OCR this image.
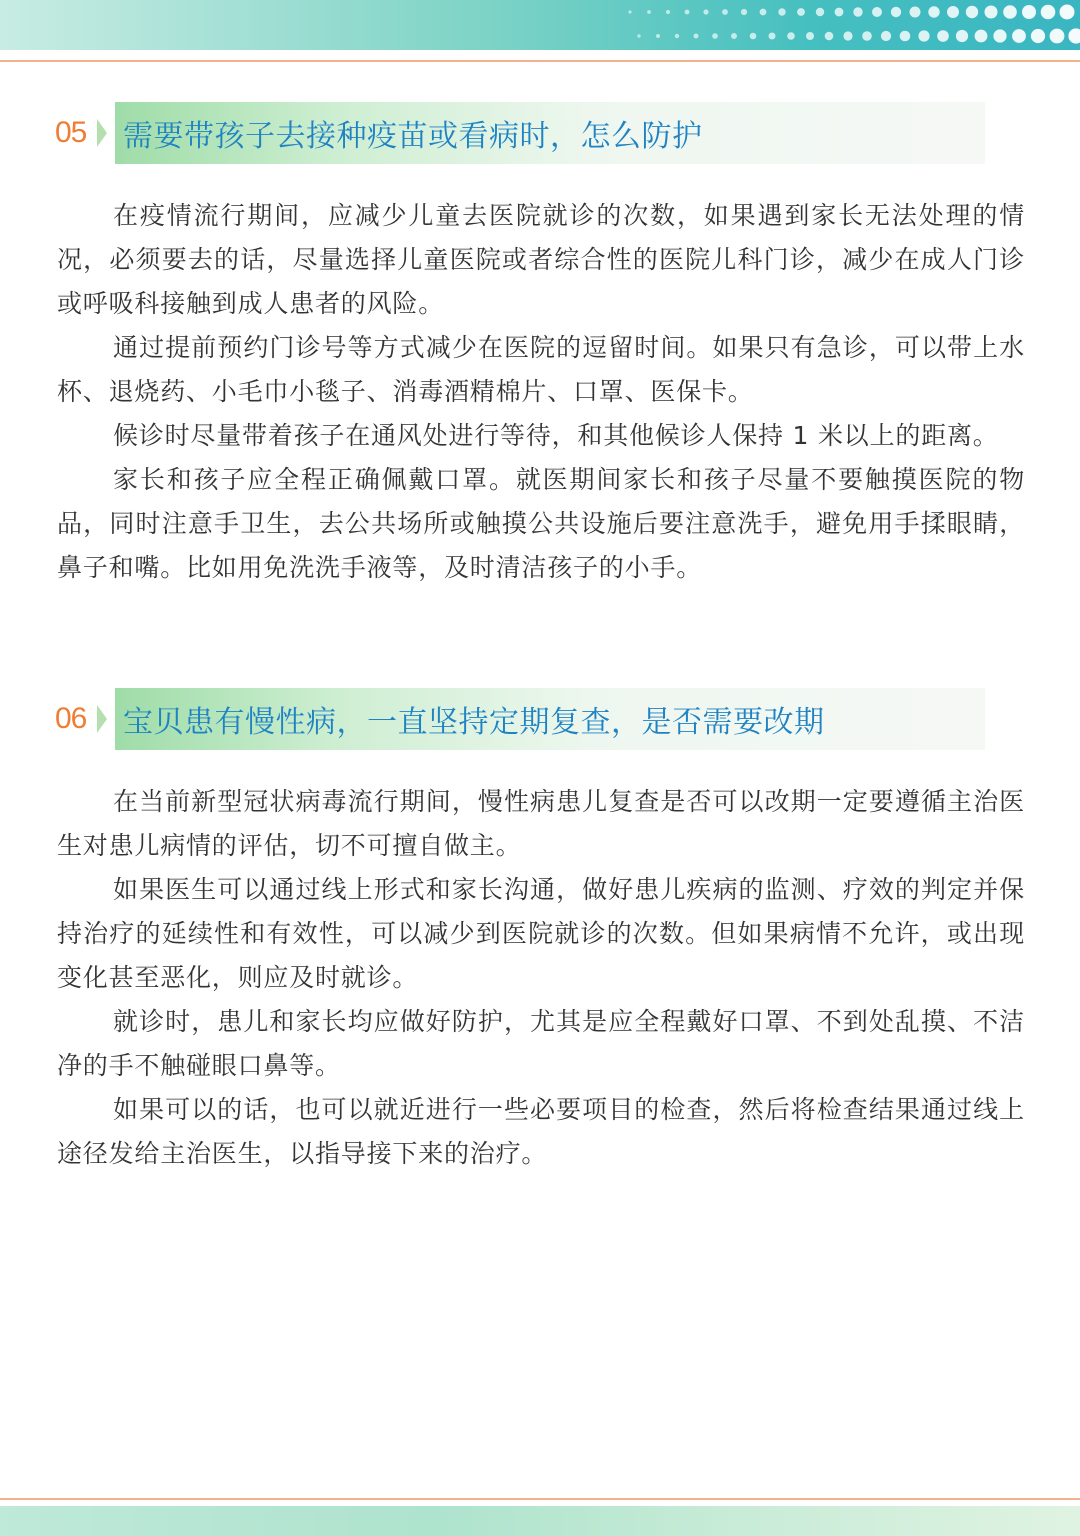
05	需要带孩子去接种疫苗或看病时，怎么防护

在疫情流行期间，应减少儿童去医院就诊的次数，如果遇到家长无法处理的情况，必须要去的话，尽量选择儿童医院或者综合性的医院儿科门诊，减少在成人门诊或呼吸科接触到成人患者的风险。

通过提前预约门诊号等方式减少在医院的逗留时间。如果只有急诊，可以带上水杯、退烧药、小毛巾小毯子、消毒酒精棉片、口罩、医保卡。

候诊时尽量带着孩子在通风处进行等待，和其他候诊人保持 1 米以上的距离。

家长和孩子应全程正确佩戴口罩。就医期间家长和孩子尽量不要触摸医院的物品，同时注意手卫生，去公共场所或触摸公共设施后要注意洗手，避免用手揉眼睛，鼻子和嘴。比如用免洗洗手液等，及时清洁孩子的小手。

06	宝贝患有慢性病，一直坚持定期复查，是否需要改期

在当前新型冠状病毒流行期间，慢性病患儿复查是否可以改期一定要遵循主治医生对患儿病情的评估，切不可擅自做主。

如果医生可以通过线上形式和家长沟通，做好患儿疾病的监测、疗效的判定并保持治疗的延续性和有效性，可以减少到医院就诊的次数。但如果病情不允许，或出现变化甚至恶化，则应及时就诊。

就诊时，患儿和家长均应做好防护，尤其是应全程戴好口罩、不到处乱摸、不洁净的手不触碰眼口鼻等。

如果可以的话，也可以就近进行一些必要项目的检查，然后将检查结果通过线上途径发给主治医生，以指导接下来的治疗。
